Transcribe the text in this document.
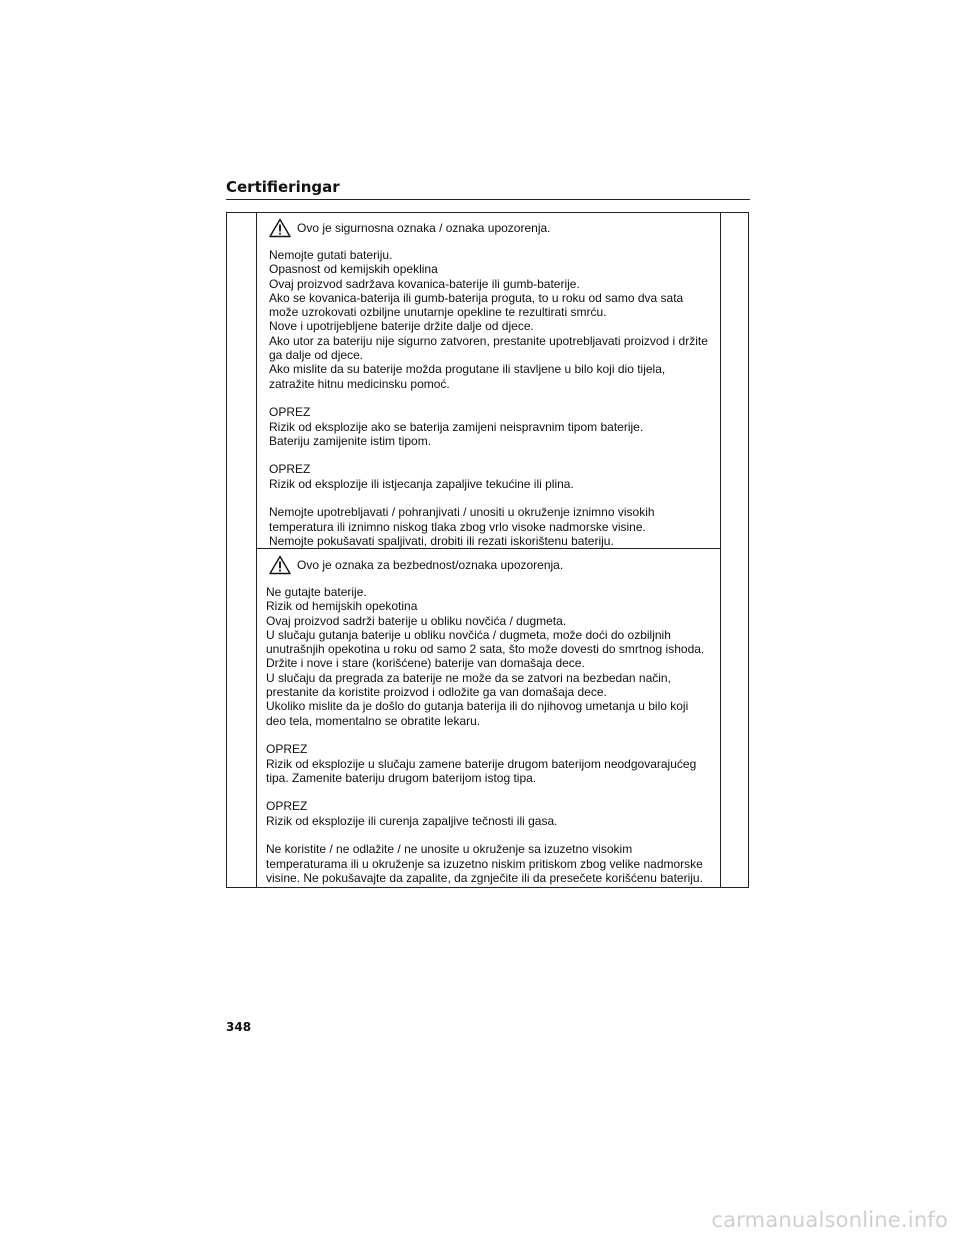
Certifieringar
Ovo je sigurnosna oznaka / oznaka upozorenja.
Nemojte gutati bateriju.
Opasnost od kemijskih opeklina
Ovaj proizvod sadržava kovanica-baterije ili gumb-baterije.
Ako se kovanica-baterija ili gumb-baterija proguta, to u roku od samo dva sata
može uzrokovati ozbiljne unutarnje opekline te rezultirati smrću.
Nove i upotrijebljene baterije držite dalje od djece.
Ako utor za bateriju nije sigurno zatvoren, prestanite upotrebljavati proizvod i držite
ga dalje od djece.
Ako mislite da su baterije možda progutane ili stavljene u bilo koji dio tijela,
zatražite hitnu medicinsku pomoć.
OPREZ
Rizik od eksplozije ako se baterija zamijeni neispravnim tipom baterije.
Bateriju zamijenite istim tipom.
OPREZ
Rizik od eksplozije ili istjecanja zapaljive tekućine ili plina.
Nemojte upotrebljavati / pohranjivati / unositi u okruženje iznimno visokih
temperatura ili iznimno niskog tlaka zbog vrlo visoke nadmorske visine.
Nemojte pokušavati spaljivati, drobiti ili rezati iskorištenu bateriju.
Ovo je oznaka za bezbednost/oznaka upozorenja.
Ne gutajte baterije.
Rizik od hemijskih opekotina
Ovaj proizvod sadrži baterije u obliku novčića / dugmeta.
U slučaju gutanja baterije u obliku novčića / dugmeta, može doći do ozbiljnih
unutrašnjih opekotina u roku od samo 2 sata, što može dovesti do smrtnog ishoda.
Držite i nove i stare (korišćene) baterije van domašaja dece.
U slučaju da pregrada za baterije ne može da se zatvori na bezbedan način,
prestanite da koristite proizvod i odložite ga van domašaja dece.
Ukoliko mislite da je došlo do gutanja baterija ili do njihovog umetanja u bilo koji
deo tela, momentalno se obratite lekaru.
OPREZ
Rizik od eksplozije u slučaju zamene baterije drugom baterijom neodgovarajućeg
tipa. Zamenite bateriju drugom baterijom istog tipa.
OPREZ
Rizik od eksplozije ili curenja zapaljive tečnosti ili gasa.
Ne koristite / ne odlažite / ne unosite u okruženje sa izuzetno visokim
temperaturama ili u okruženje sa izuzetno niskim pritiskom zbog velike nadmorske
visine. Ne pokušavajte da zapalite, da zgnječite ili da presečete korišćenu bateriju.
348
carmanualsonline.info
